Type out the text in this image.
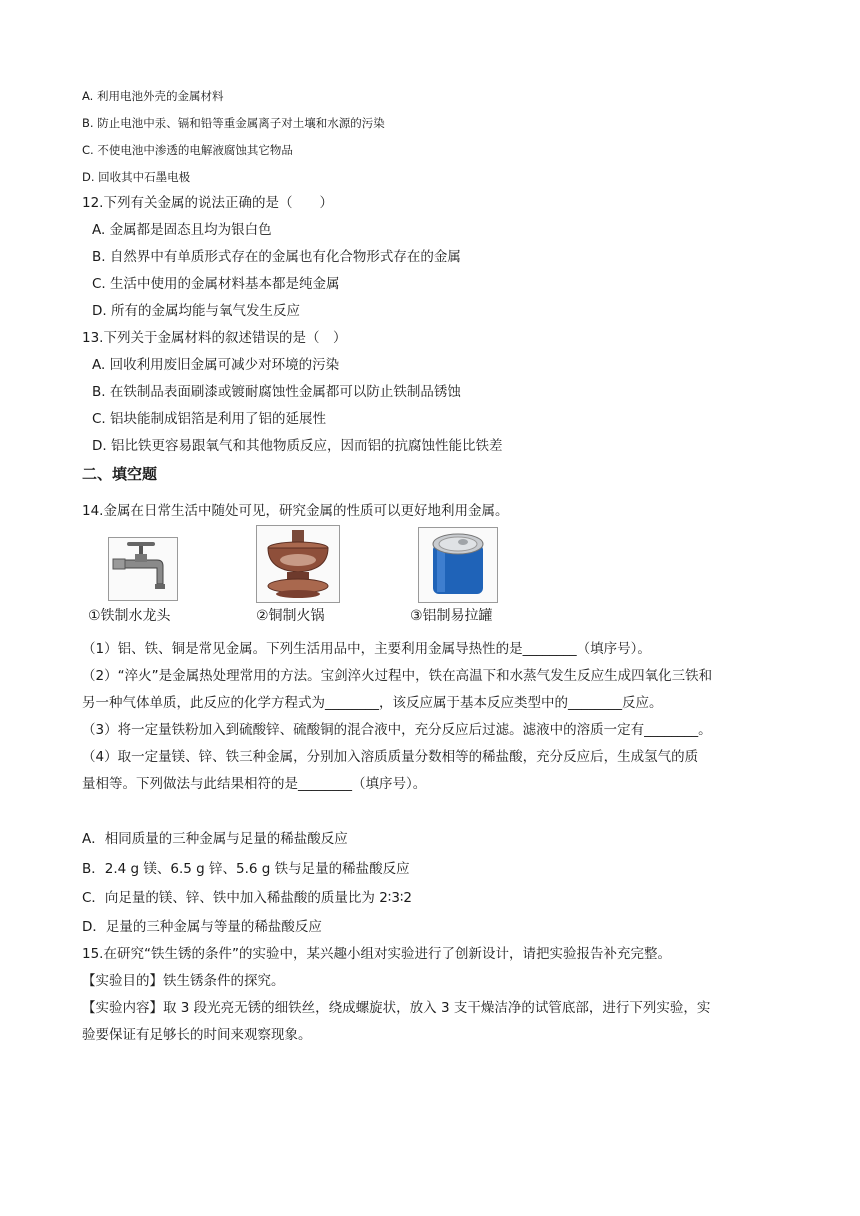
A. 利用电池外壳的金属材料
B. 防止电池中汞、镉和铅等重金属离子对土壤和水源的污染
C. 不使电池中渗透的电解液腐蚀其它物品
D. 回收其中石墨电极
12.下列有关金属的说法正确的是（　　）
A. 金属都是固态且均为银白色
B. 自然界中有单质形式存在的金属也有化合物形式存在的金属
C. 生活中使用的金属材料基本都是纯金属
D. 所有的金属均能与氧气发生反应
13.下列关于金属材料的叙述错误的是（　）
A. 回收利用废旧金属可减少对环境的污染
B. 在铁制品表面刷漆或镀耐腐蚀性金属都可以防止铁制品锈蚀
C. 铝块能制成铝箔是利用了铝的延展性
D. 铝比铁更容易跟氧气和其他物质反应，因而铝的抗腐蚀性能比铁差
二、填空题
14.金属在日常生活中随处可见，研究金属的性质可以更好地利用金属。
①铁制水龙头	②铜制火锅	③铝制易拉罐
（1）铝、铁、铜是常见金属。下列生活用品中，主要利用金属导热性的是________（填序号）。
（2）“淬火”是金属热处理常用的方法。宝剑淬火过程中，铁在高温下和水蒸气发生反应生成四氧化三铁和
另一种气体单质，此反应的化学方程式为________，该反应属于基本反应类型中的________反应。
（3）将一定量铁粉加入到硫酸锌、硫酸铜的混合液中，充分反应后过滤。滤液中的溶质一定有________。
（4）取一定量镁、锌、铁三种金属，分别加入溶质质量分数相等的稀盐酸，充分反应后，生成氢气的质
量相等。下列做法与此结果相符的是________（填序号）。
A．相同质量的三种金属与足量的稀盐酸反应
B．2.4 g 镁、6.5 g 锌、5.6 g 铁与足量的稀盐酸反应
C．向足量的镁、锌、铁中加入稀盐酸的质量比为 2∶3∶2
D．足量的三种金属与等量的稀盐酸反应
15.在研究“铁生锈的条件”的实验中，某兴趣小组对实验进行了创新设计，请把实验报告补充完整。
【实验目的】铁生锈条件的探究。
【实验内容】取 3 段光亮无锈的细铁丝，绕成螺旋状，放入 3 支干燥洁净的试管底部，进行下列实验，实
验要保证有足够长的时间来观察现象。
